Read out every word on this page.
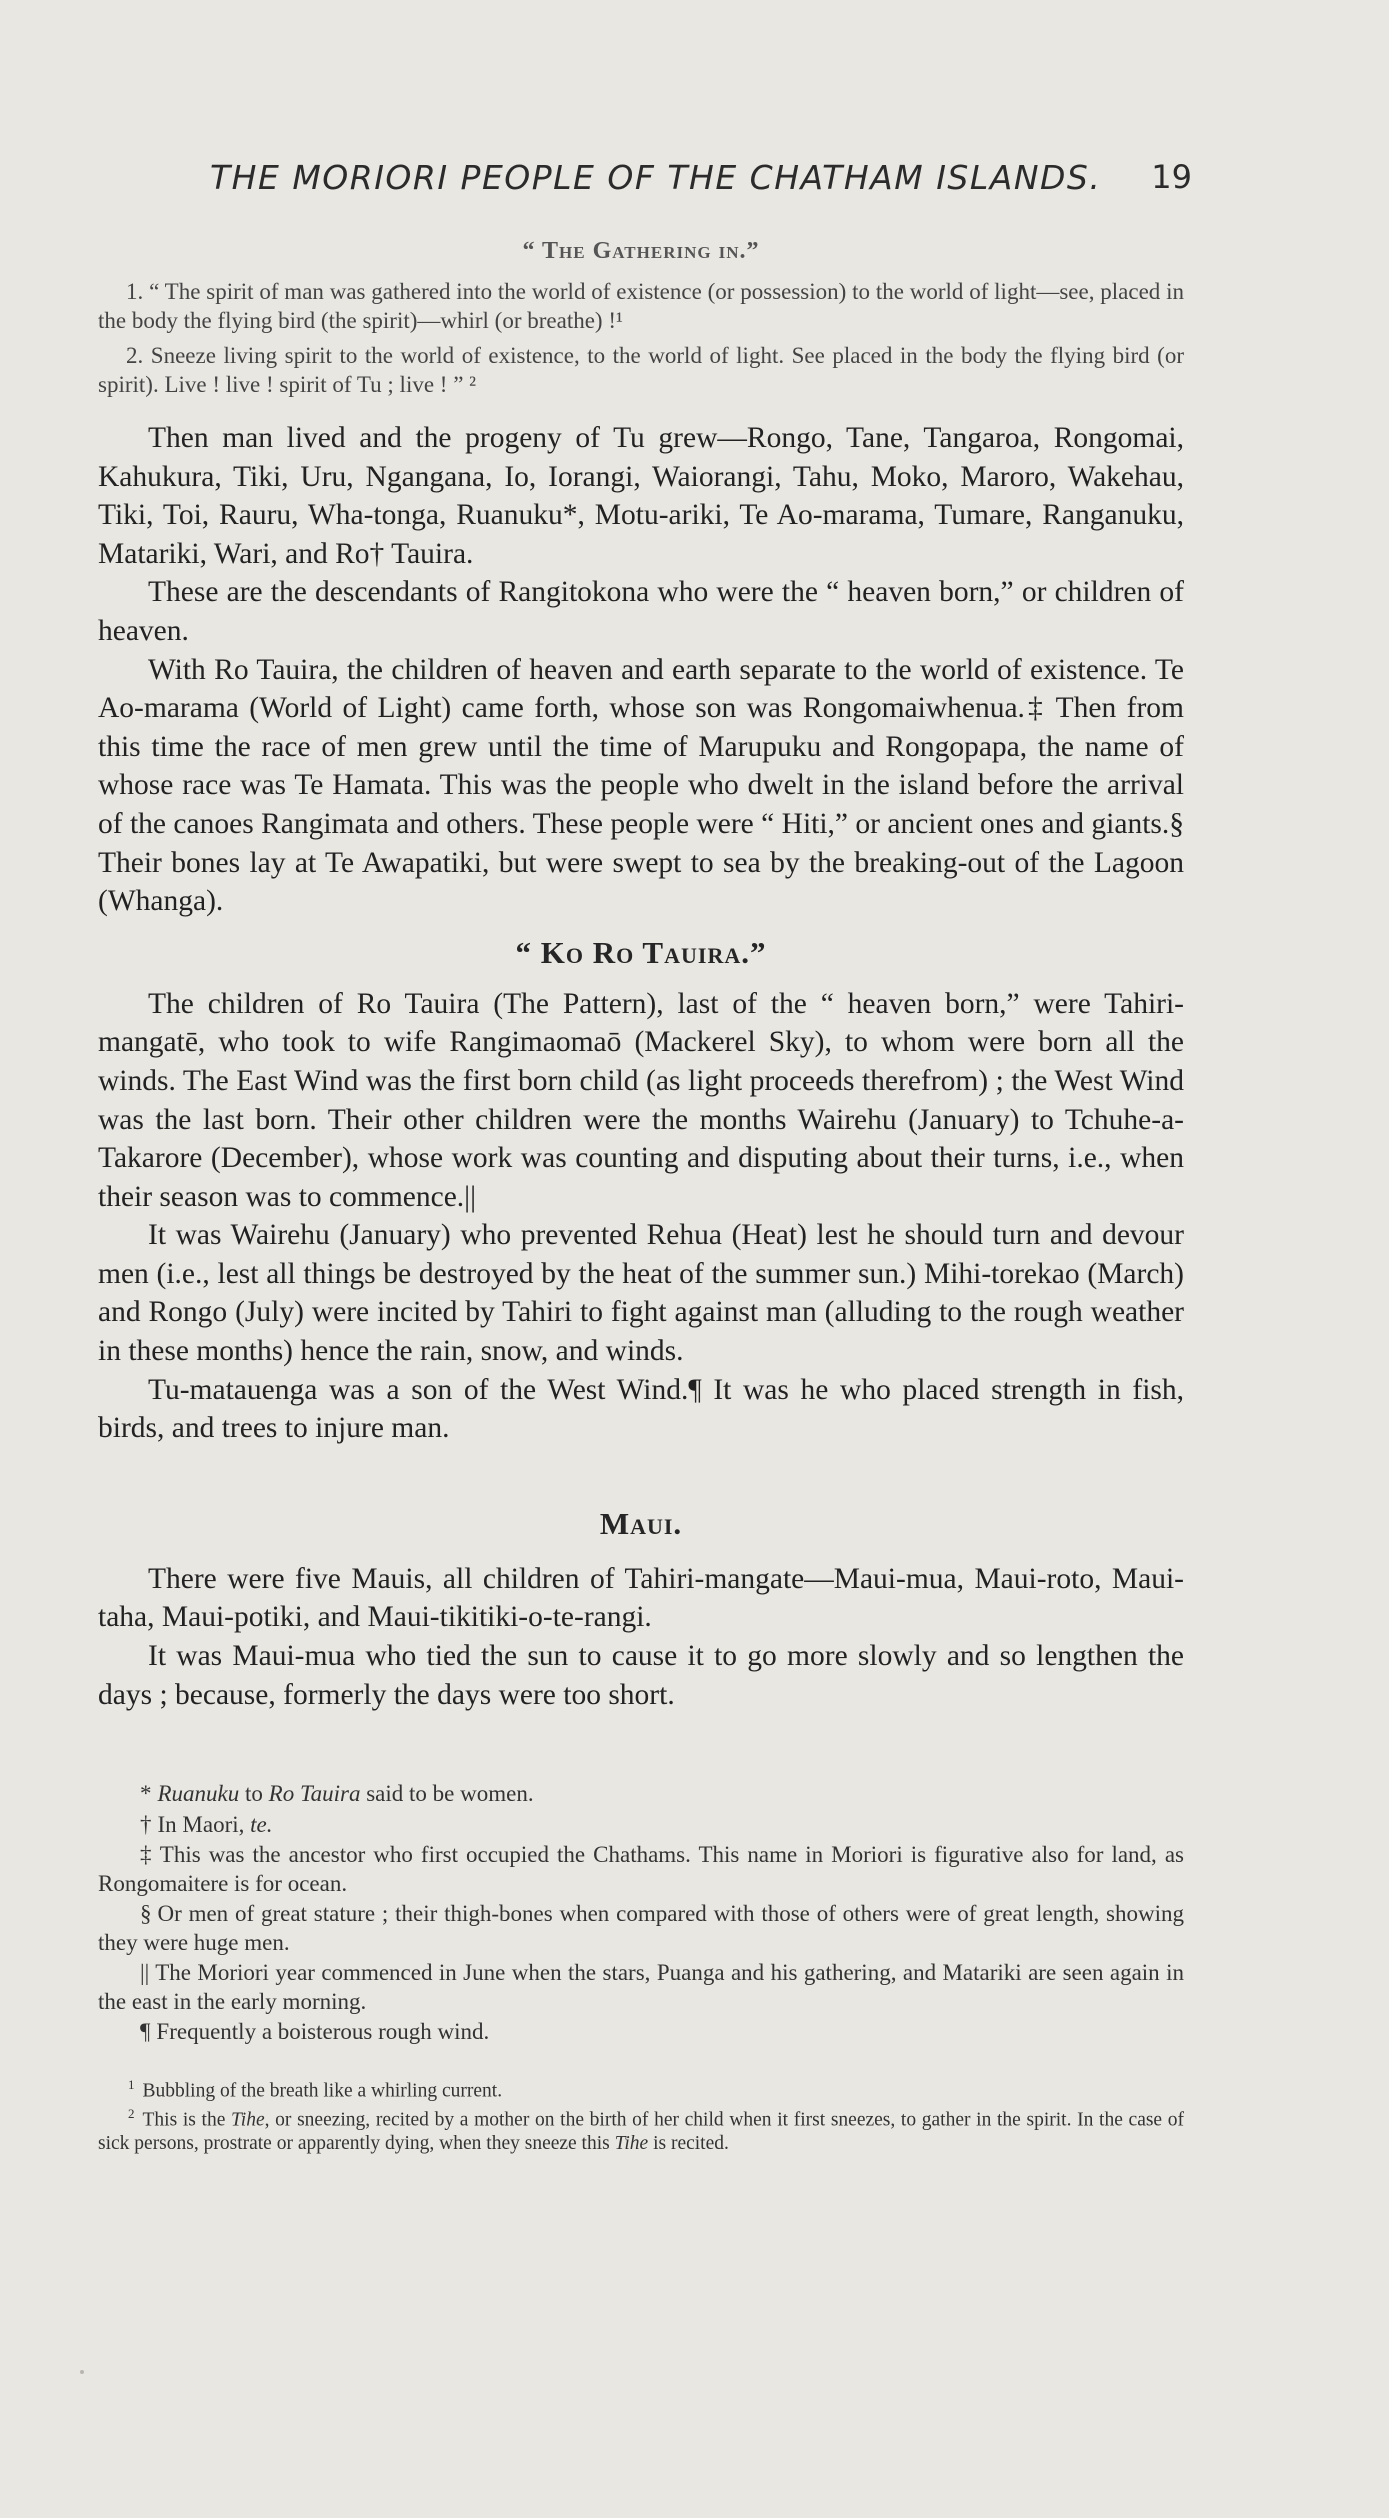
THE MORIORI PEOPLE OF THE CHATHAM ISLANDS. 19
“ The Gathering in.”

1. “ The spirit of man was gathered into the world of existence (or possession) to the world of light—see, placed in the body the flying bird (the spirit)—whirl (or breathe) !¹

2. Sneeze living spirit to the world of existence, to the world of light. See placed in the body the flying bird (or spirit). Live ! live ! spirit of Tu ; live ! ” ²

Then man lived and the progeny of Tu grew—Rongo, Tane, Tangaroa, Rongomai, Kahukura, Tiki, Uru, Ngangana, Io, Iorangi, Waiorangi, Tahu, Moko, Maroro, Wakehau, Tiki, Toi, Rauru, Wha-tonga, Ruanuku*, Motu-ariki, Te Ao-marama, Tumare, Ranganuku, Matariki, Wari, and Ro† Tauira.

These are the descendants of Rangitokona who were the “ heaven born,” or children of heaven.

With Ro Tauira, the children of heaven and earth separate to the world of existence. Te Ao-marama (World of Light) came forth, whose son was Rongomaiwhenua.‡ Then from this time the race of men grew until the time of Marupuku and Rongopapa, the name of whose race was Te Hamata. This was the people who dwelt in the island before the arrival of the canoes Rangimata and others. These people were “ Hiti,” or ancient ones and giants.§ Their bones lay at Te Awapatiki, but were swept to sea by the breaking-out of the Lagoon (Whanga).

“ Ko Ro Tauira.”

The children of Ro Tauira (The Pattern), last of the “ heaven born,” were Tahiri-mangatē, who took to wife Rangimaomaō (Mackerel Sky), to whom were born all the winds. The East Wind was the first born child (as light proceeds therefrom) ; the West Wind was the last born. Their other children were the months Wairehu (January) to Tchuhe-a-Takarore (December), whose work was counting and disputing about their turns, i.e., when their season was to commence.||

It was Wairehu (January) who prevented Rehua (Heat) lest he should turn and devour men (i.e., lest all things be destroyed by the heat of the summer sun.) Mihi-torekao (March) and Rongo (July) were incited by Tahiri to fight against man (alluding to the rough weather in these months) hence the rain, snow, and winds.

Tu-matauenga was a son of the West Wind.¶ It was he who placed strength in fish, birds, and trees to injure man.

Maui.

There were five Mauis, all children of Tahiri-mangate—Maui-mua, Maui-roto, Maui-taha, Maui-potiki, and Maui-tikitiki-o-te-rangi.

It was Maui-mua who tied the sun to cause it to go more slowly and so lengthen the days ; because, formerly the days were too short.

* Ruanuku to Ro Tauira said to be women.

† In Maori, te.

‡ This was the ancestor who first occupied the Chathams. This name in Moriori is figurative also for land, as Rongomaitere is for ocean.

§ Or men of great stature ; their thigh-bones when compared with those of others were of great length, showing they were huge men.

|| The Moriori year commenced in June when the stars, Puanga and his gathering, and Matariki are seen again in the east in the early morning.

¶ Frequently a boisterous rough wind.

$^1$ Bubbling of the breath like a whirling current.

$^2$ This is the Tihe, or sneezing, recited by a mother on the birth of her child when it first sneezes, to gather in the spirit. In the case of sick persons, prostrate or apparently dying, when they sneeze this Tihe is recited.
